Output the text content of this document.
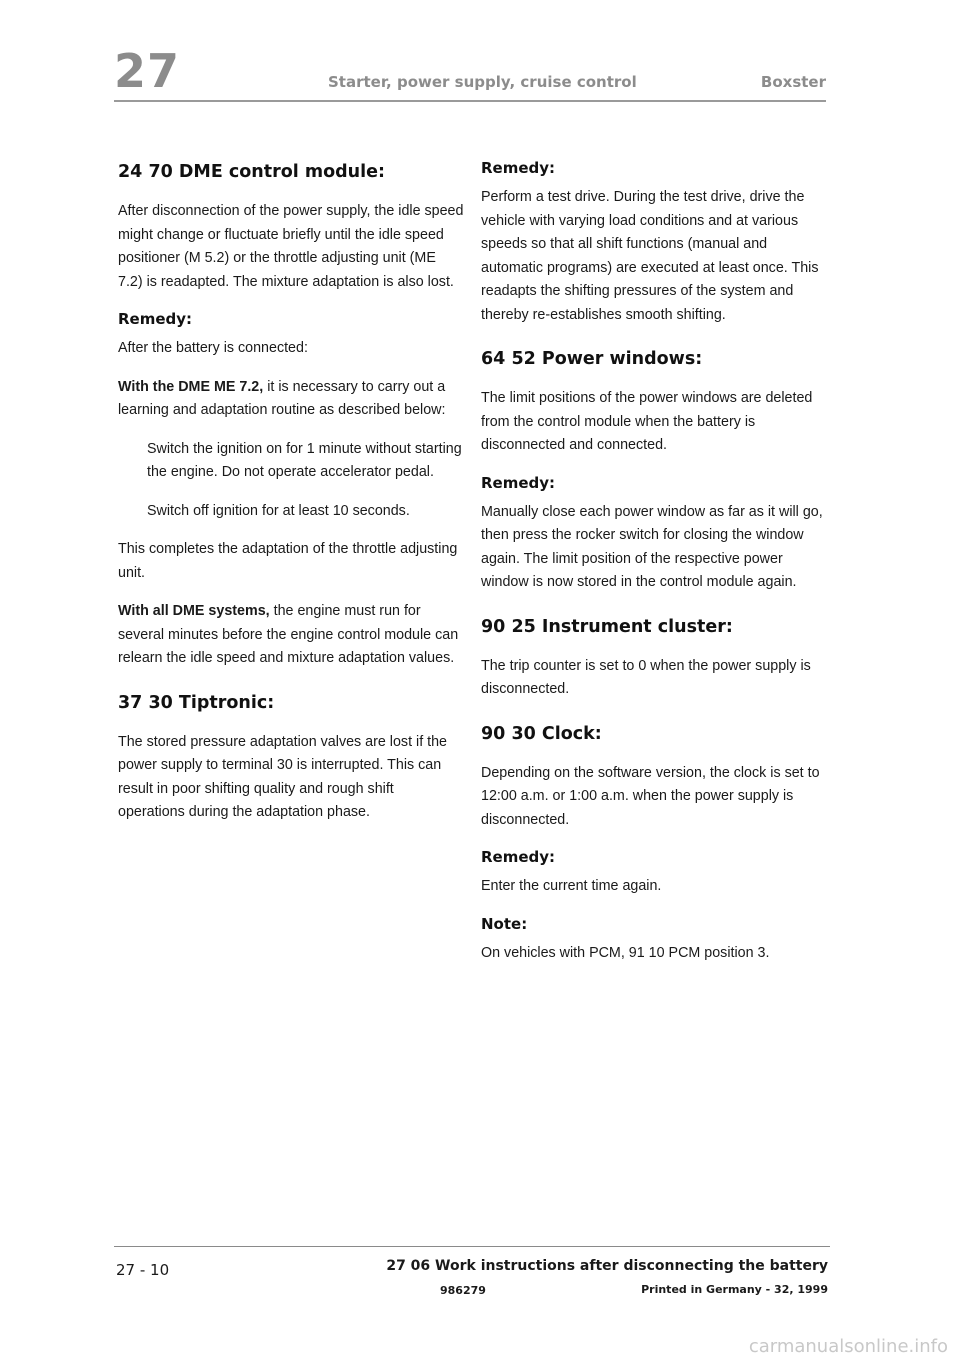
27	Starter, power supply, cruise control	Boxster
24 70 DME control module:

After disconnection of the power supply, the idle speed might change or fluctuate briefly until the idle speed positioner (M 5.2) or the throttle adjusting unit (ME 7.2) is readapted. The mixture adaptation is also lost.

Remedy:

After the battery is connected:

With the DME ME 7.2, it is necessary to carry out a learning and adaptation routine as described below:

Switch the ignition on for 1 minute without starting the engine. Do not operate accelerator pedal.

Switch off ignition for at least 10 seconds.

This completes the adaptation of the throttle adjusting unit.

With all DME systems, the engine must run for several minutes before the engine control module can relearn the idle speed and mixture adaptation values.

37 30 Tiptronic:

The stored pressure adaptation valves are lost if the power supply to terminal 30 is interrupted. This can result in poor shifting quality and rough shift operations during the adaptation phase.

Remedy:

Perform a test drive. During the test drive, drive the vehicle with varying load conditions and at various speeds so that all shift functions (manual and automatic programs) are executed at least once. This readapts the shifting pressures of the system and thereby re-establishes smooth shifting.

64 52 Power windows:

The limit positions of the power windows are deleted from the control module when the battery is disconnected and connected.

Remedy:

Manually close each power window as far as it will go, then press the rocker switch for closing the window again. The limit position of the respective power window is now stored in the control module again.

90 25 Instrument cluster:

The trip counter is set to 0 when the power supply is disconnected.

90 30 Clock:

Depending on the software version, the clock is set to 12:00 a.m. or 1:00 a.m. when the power supply is disconnected.

Remedy:

Enter the current time again.

Note:

On vehicles with PCM, 91 10 PCM position 3.

27 - 10	27 06 Work instructions after disconnecting the battery
986279	Printed in Germany - 32, 1999
carmanualsonline.info
